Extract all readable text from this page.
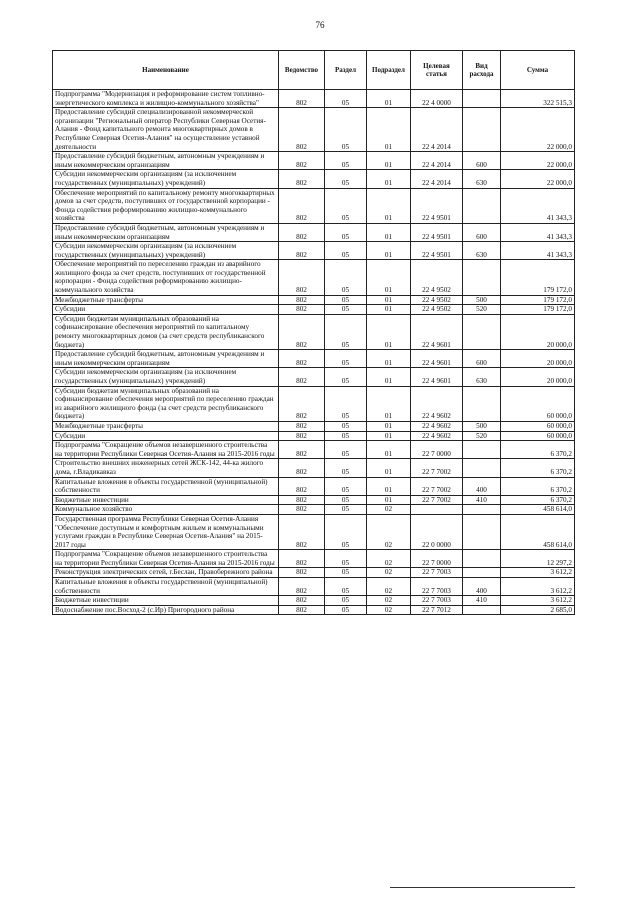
76
Наименование	Ведомство	Раздел	Подраздел	Целевая статья	Вид расхода	Сумма
Подпрограмма "Модернизация и реформирование систем топливно-энергетического комплекса и жилищно-коммунального хозяйства"	802	05	01	22 4 0000		322 515,3
Предоставление субсидий специализированной некоммерческой организации "Региональный оператор Республики Северная Осетия-Алания - Фонд капитального ремонта многоквартирных домов в Республике Северная Осетия-Алания" на осуществление уставной деятельности	802	05	01	22 4 2014		22 000,0
Предоставление субсидий бюджетным, автономным учреждениям и иным некоммерческим организациям	802	05	01	22 4 2014	600	22 000,0
Субсидии некоммерческим организациям (за исключением государственных (муниципальных) учреждений)	802	05	01	22 4 2014	630	22 000,0
Обеспечение мероприятий по капитальному ремонту многоквартирных домов за счет средств, поступивших от государственной корпорации - Фонда содействия реформированию жилищно-коммунального хозяйства	802	05	01	22 4 9501		41 343,3
Предоставление субсидий бюджетным, автономным учреждениям и иным некоммерческим организациям	802	05	01	22 4 9501	600	41 343,3
Субсидии некоммерческим организациям (за исключением государственных (муниципальных) учреждений)	802	05	01	22 4 9501	630	41 343,3
Обеспечение мероприятий по переселению граждан из аварийного жилищного фонда за счет средств, поступивших от государственной корпорации - Фонда содействия реформированию жилищно-коммунального хозяйства	802	05	01	22 4 9502		179 172,0
Межбюджетные трансферты	802	05	01	22 4 9502	500	179 172,0
Субсидии	802	05	01	22 4 9502	520	179 172,0
Субсидии бюджетам муниципальных образований на софинансирование обеспечения мероприятий по капитальному ремонту многоквартирных домов (за счет средств республиканского бюджета)	802	05	01	22 4 9601		20 000,0
Предоставление субсидий бюджетным, автономным учреждениям и иным некоммерческим организациям	802	05	01	22 4 9601	600	20 000,0
Субсидии некоммерческим организациям (за исключением государственных (муниципальных) учреждений)	802	05	01	22 4 9601	630	20 000,0
Субсидии бюджетам муниципальных образований на софинансирование обеспечения мероприятий по переселению граждан из аварийного жилищного фонда (за счет средств республиканского бюджета)	802	05	01	22 4 9602		60 000,0
Межбюджетные трансферты	802	05	01	22 4 9602	500	60 000,0
Субсидии	802	05	01	22 4 9602	520	60 000,0
Подпрограмма "Сокращение объемов незавершенного строительства на территории Республики Северная Осетия-Алания на 2015-2016 годы	802	05	01	22 7 0000		6 370,2
Строительство внешних инженерных сетей ЖСК-142, 44-ка жилого дома, г.Владикавказ	802	05	01	22 7 7002		6 370,2
Капитальные вложения в объекты государственной (муниципальной) собственности	802	05	01	22 7 7002	400	6 370,2
Бюджетные инвестиции	802	05	01	22 7 7002	410	6 370,2
Коммунальное хозяйство	802	05	02			458 614,0
Государственная программа Республики Северная Осетия-Алания "Обеспечение доступным и комфортным жильем и коммунальными услугами граждан в Республике Северная Осетия-Алания" на 2015-2017 годы	802	05	02	22 0 0000		458 614,0
Подпрограмма "Сокращение объемов незавершенного строительства на территории Республики Северная Осетия-Алания на 2015-2016 годы	802	05	02	22 7 0000		12 297,2
Реконструкция электрических сетей, г.Беслан, Правобережного района	802	05	02	22 7 7003		3 612,2
Капитальные вложения в объекты государственной (муниципальной) собственности	802	05	02	22 7 7003	400	3 612,2
Бюджетные инвестиции	802	05	02	22 7 7003	410	3 612,2
Водоснабжение пос.Восход-2 (с.Ир) Пригородного района	802	05	02	22 7 7012		2 685,0
